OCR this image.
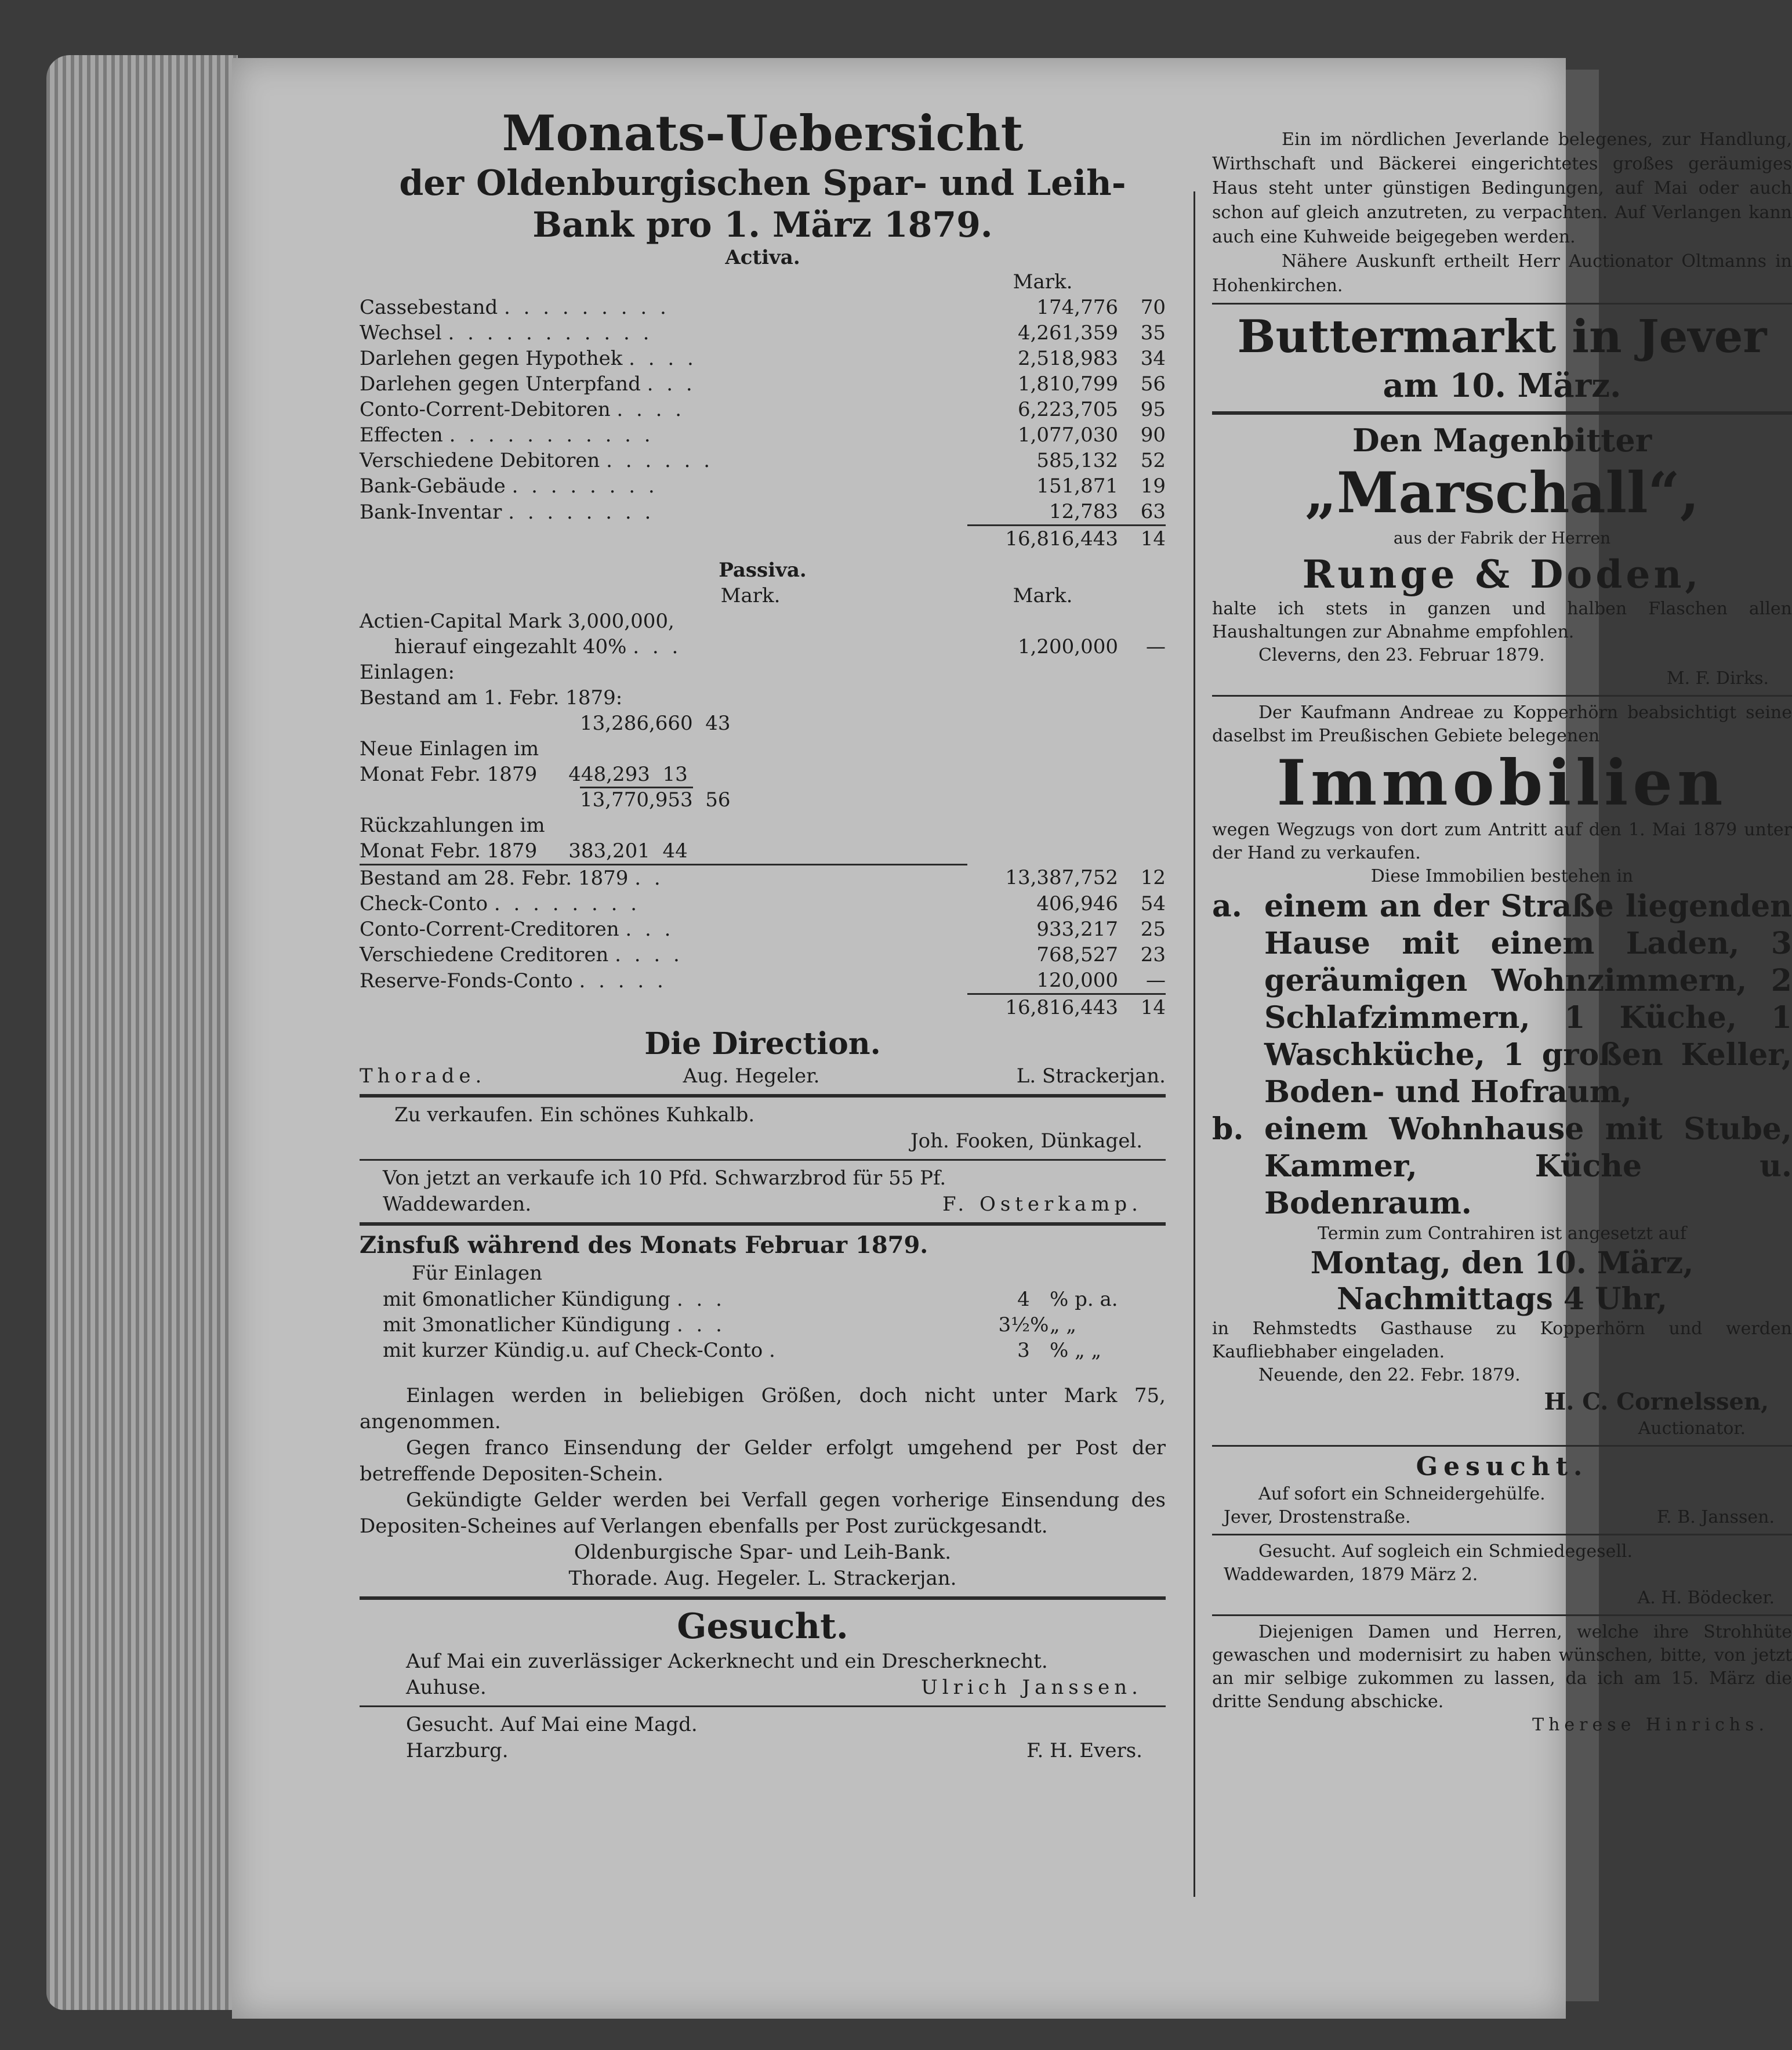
Monats-Uebersicht
der Oldenburgischen Spar- und Leih-
Bank pro 1. März 1879.
Activa.
	Mark.	
Cassebestand . . . . . . . . .	174,776	70
Wechsel . . . . . . . . . . .	4,261,359	35
Darlehen gegen Hypothek . . . .	2,518,983	34
Darlehen gegen Unterpfand . . .	1,810,799	56
Conto-Corrent-Debitoren . . . .	6,223,705	95
Effecten . . . . . . . . . . .	1,077,030	90
Verschiedene Debitoren . . . . . .	585,132	52
Bank-Gebäude . . . . . . . .	151,871	19
Bank-Inventar . . . . . . . .	12,783	63
	16,816,443	14
Passiva.
Mark.	Mark.	
Actien-Capital Mark 3,000,000,		
hierauf eingezahlt 40% . . .	1,200,000	—
Einlagen:		
Bestand am 1. Febr. 1879:		
13,286,660 43		
Neue Einlagen im		
Monat Febr. 1879 448,293 13		
13,770,953 56		
Rückzahlungen im		
Monat Febr. 1879 383,201 44		
Bestand am 28. Febr. 1879 . .	13,387,752	12
Check-Conto . . . . . . . .	406,946	54
Conto-Corrent-Creditoren . . .	933,217	25
Verschiedene Creditoren . . . .	768,527	23
Reserve-Fonds-Conto . . . . .	120,000	—
	16,816,443	14
Die Direction.
Thorade.	Aug. Hegeler.	L. Strackerjan.
Zu verkaufen. Ein schönes Kuhkalb.
Joh. Fooken, Dünkagel.
Von jetzt an verkaufe ich 10 Pfd. Schwarzbrod für 55 Pf.
Waddewarden.	F. Osterkamp.
Zinsfuß während des Monats Februar 1879.
Für Einlagen
mit 6monatlicher Kündigung . . .	4	% p. a.
mit 3monatlicher Kündigung . . .	3½%	„ „
mit kurzer Kündig.u. auf Check-Conto .	3	% „ „
Einlagen werden in beliebigen Größen, doch nicht unter Mark 75, angenommen.
Gegen franco Einsendung der Gelder erfolgt umgehend per Post der betreffende Depositen-Schein.
Gekündigte Gelder werden bei Verfall gegen vorherige Einsendung des Depositen-Scheines auf Verlangen ebenfalls per Post zurückgesandt.
Oldenburgische Spar- und Leih-Bank.
Thorade. Aug. Hegeler. L. Strackerjan.
Gesucht.
Auf Mai ein zuverlässiger Ackerknecht und ein Drescherknecht.
Auhuse.	Ulrich Janssen.
Gesucht. Auf Mai eine Magd.
Harzburg.	F. H. Evers.
Ein im nördlichen Jeverlande belegenes, zur Handlung, Wirthschaft und Bäckerei eingerichtetes großes geräumiges Haus steht unter günstigen Bedingungen, auf Mai oder auch schon auf gleich anzutreten, zu verpachten. Auf Verlangen kann auch eine Kuhweide beigegeben werden.
Nähere Auskunft ertheilt Herr Auctionator Oltmanns in Hohenkirchen.
Buttermarkt in Jever
am 10. März.
Den Magenbitter
„Marschall“,
aus der Fabrik der Herren
Runge & Doden,
halte ich stets in ganzen und halben Flaschen allen Haushaltungen zur Abnahme empfohlen.
Cleverns, den 23. Februar 1879.
M. F. Dirks.
Der Kaufmann Andreae zu Kopperhörn beabsichtigt seine daselbst im Preußischen Gebiete belegenen
Immobilien
wegen Wegzugs von dort zum Antritt auf den 1. Mai 1879 unter der Hand zu verkaufen.
Diese Immobilien bestehen in
a. einem an der Straße liegenden Hause mit einem Laden, 3 geräumigen Wohnzimmern, 2 Schlafzimmern, 1 Küche, 1 Waschküche, 1 großen Keller, Boden- und Hofraum,
b. einem Wohnhause mit Stube, Kammer, Küche u. Bodenraum.
Termin zum Contrahiren ist angesetzt auf
Montag, den 10. März,
Nachmittags 4 Uhr,
in Rehmstedts Gasthause zu Kopperhörn und werden Kaufliebhaber eingeladen.
Neuende, den 22. Febr. 1879.
H. C. Cornelssen,
Auctionator.
Gesucht.
Auf sofort ein Schneidergehülfe.
Jever, Drostenstraße.	F. B. Janssen.
Gesucht. Auf sogleich ein Schmiedegesell.
Waddewarden, 1879 März 2.
A. H. Bödecker.
Diejenigen Damen und Herren, welche ihre Strohhüte gewaschen und modernisirt zu haben wünschen, bitte, von jetzt an mir selbige zukommen zu lassen, da ich am 15. März die dritte Sendung abschicke.
Therese Hinrichs.
